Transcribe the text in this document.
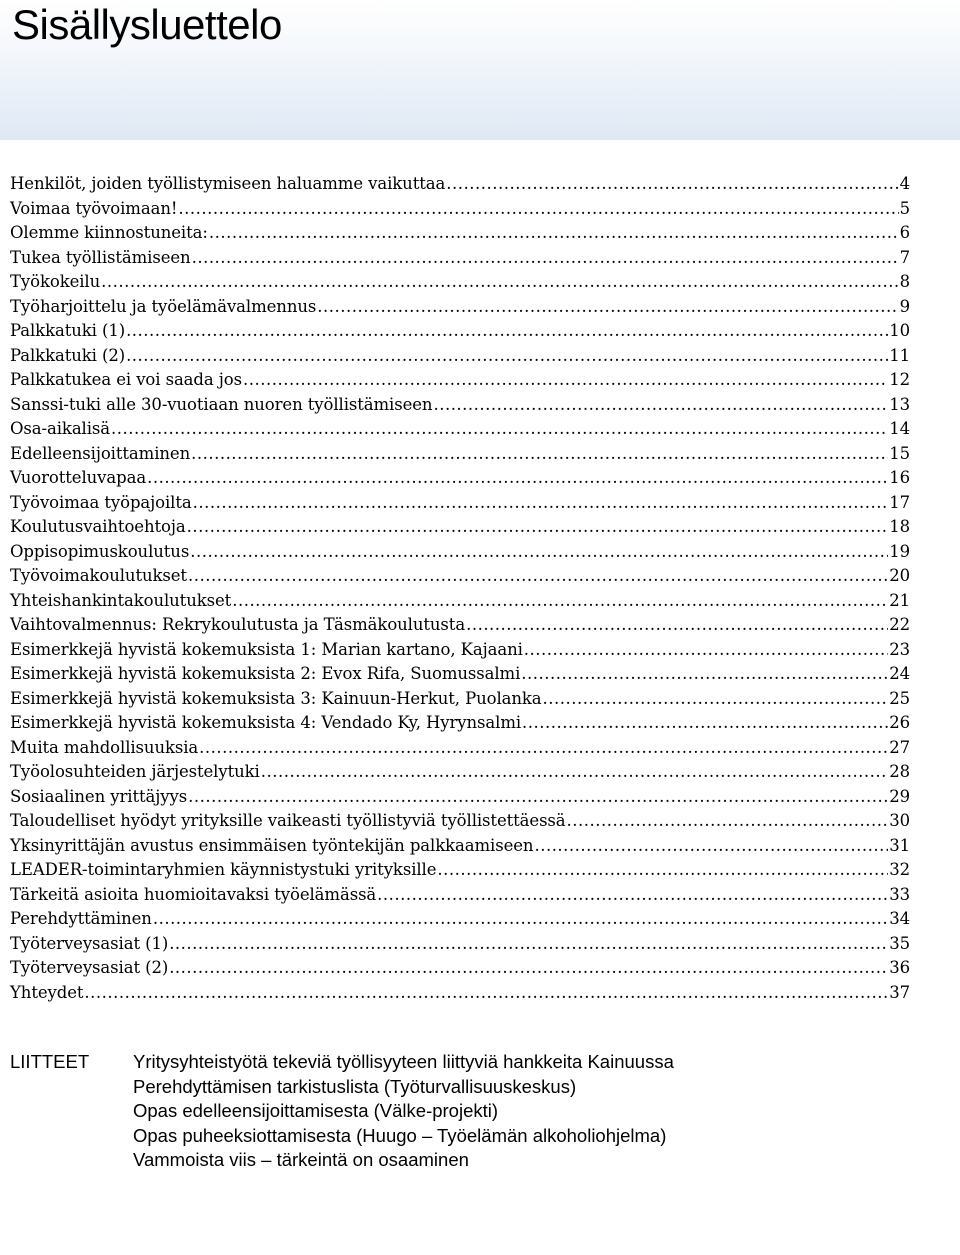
Sisällysluettelo
Henkilöt, joiden työllistymiseen haluamme vaikuttaa .....	4
Voimaa työvoimaan! .....	5
Olemme kiinnostuneita: .....	6
Tukea työllistämiseen .....	7
Työkokeilu .....	8
Työharjoittelu ja työelämävalmennus .....	9
Palkkatuki (1) .....	10
Palkkatuki (2) .....	11
Palkkatukea ei voi saada jos .....	12
Sanssi-tuki alle 30-vuotiaan nuoren työllistämiseen .....	13
Osa-aikalisä .....	14
Edelleensijoittaminen .....	15
Vuorotteluvapaa .....	16
Työvoimaa työpajoilta .....	17
Koulutusvaihtoehtoja .....	18
Oppisopimuskoulutus .....	19
Työvoimakoulutukset .....	20
Yhteishankintakoulutukset .....	21
Vaihtovalmennus: Rekrykoulutusta ja Täsmäkoulutusta .....	22
Esimerkkejä hyvistä kokemuksista 1: Marian kartano, Kajaani .....	23
Esimerkkejä hyvistä kokemuksista 2: Evox Rifa, Suomussalmi .....	24
Esimerkkejä hyvistä kokemuksista 3: Kainuun-Herkut, Puolanka .....	25
Esimerkkejä hyvistä kokemuksista 4: Vendado Ky, Hyrynsalmi .....	26
Muita mahdollisuuksia .....	27
Työolosuhteiden järjestelytuki .....	28
Sosiaalinen yrittäjyys .....	29
Taloudelliset hyödyt yrityksille vaikeasti työllistyviä työllistettäessä .....	30
Yksinyrittäjän avustus ensimmäisen työntekijän palkkaamiseen .....	31
LEADER-toimintaryhmien käynnistystuki yrityksille .....	32
Tärkeitä asioita huomioitavaksi työelämässä .....	33
Perehdyttäminen .....	34
Työterveysasiat (1) .....	35
Työterveysasiat (2) .....	36
Yhteydet .....	37
LIITTEET Yritysyhteistyötä tekeviä työllisyyteen liittyviä hankkeita Kainuussa
Perehdyttämisen tarkistuslista (Työturvallisuuskeskus)
Opas edelleensijoittamisesta (Välke-projekti)
Opas puheeksiottamisesta (Huugo – Työelämän alkoholiohjelma)
Vammoista viis – tärkeintä on osaaminen
